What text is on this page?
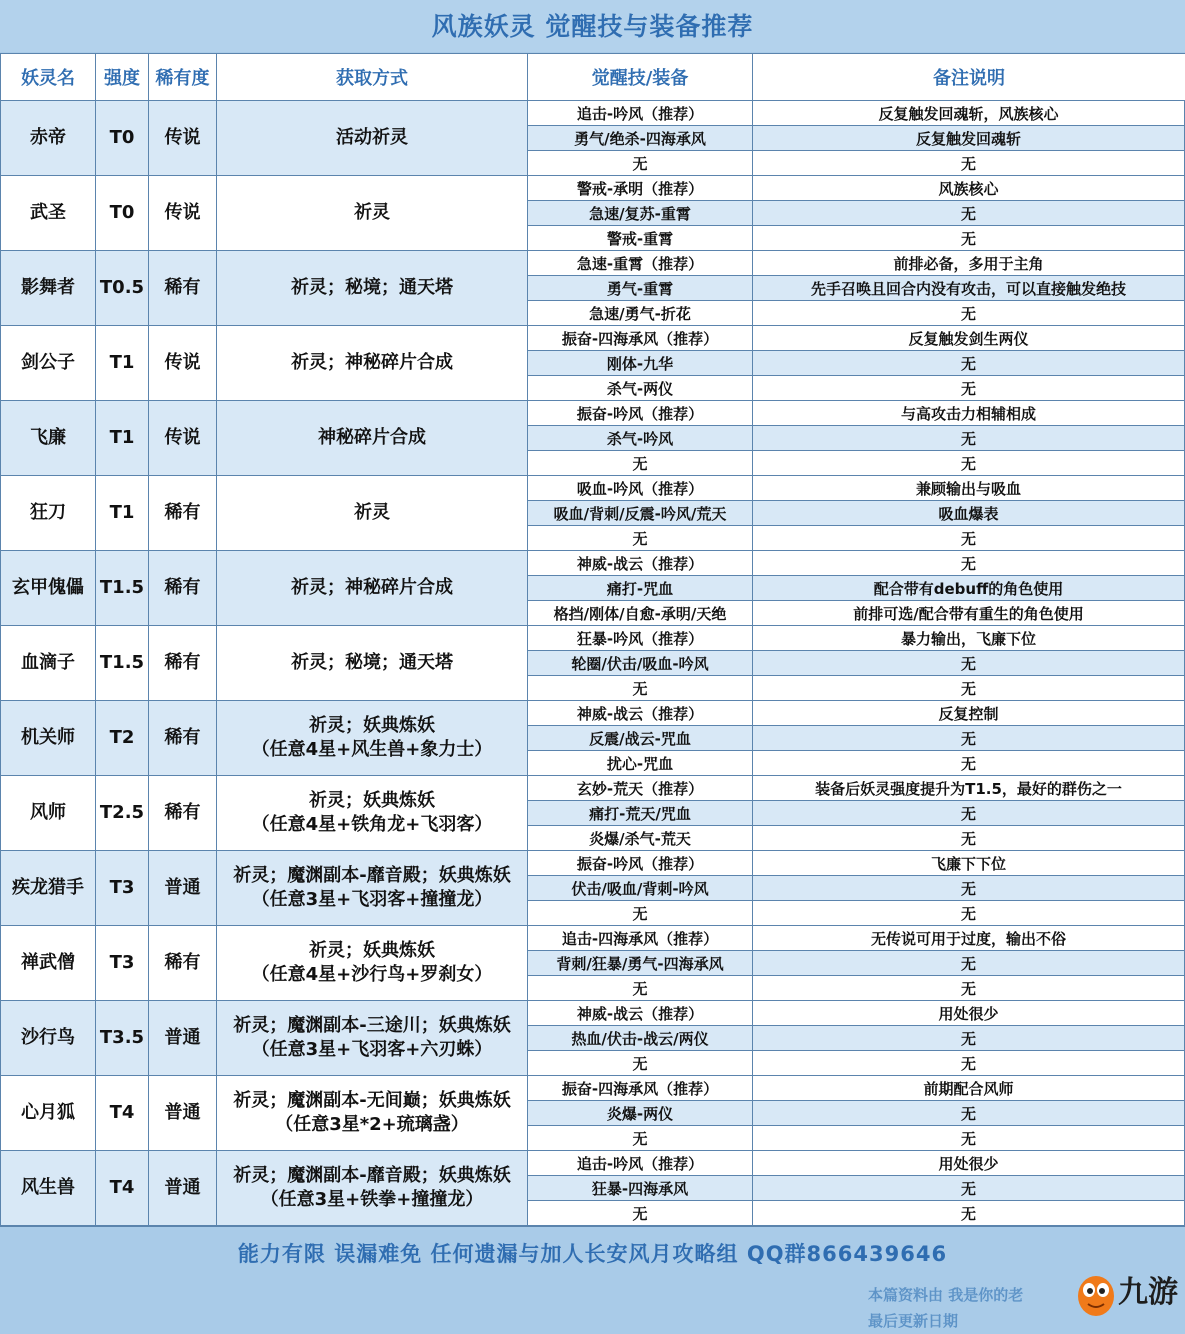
风族妖灵 觉醒技与装备推荐
妖灵名	强度 稀有度	获取方式	觉醒技/装备	备注说明
赤帝	T0	传说	活动祈灵
追击-吟风（推荐）	反复触发回魂斩，风族核心
勇气/绝杀-四海承风	反复触发回魂斩
无	无
武圣	T0	传说	祈灵
警戒-承明（推荐）	风族核心
急速/复苏-重霄	无
警戒-重霄	无
影舞者	T0.5	稀有	祈灵；秘境；通天塔
急速-重霄（推荐）	前排必备，多用于主角
勇气-重霄	先手召唤且回合内没有攻击，可以直接触发绝技
急速/勇气-折花	无
剑公子	T1	传说	祈灵；神秘碎片合成
振奋-四海承风（推荐）	反复触发剑生两仪
刚体-九华	无
杀气-两仪	无
飞廉	T1	传说	神秘碎片合成
振奋-吟风（推荐）	与高攻击力相辅相成
杀气-吟风	无
无	无
狂刀	T1	稀有	祈灵
吸血-吟风（推荐）	兼顾输出与吸血
吸血/背刺/反震-吟风/荒天	吸血爆表
无	无
玄甲傀儡 T1.5	稀有	祈灵；神秘碎片合成
神威-战云（推荐）	无
痛打-咒血	配合带有debuff的角色使用
格挡/刚体/自愈-承明/天绝	前排可选/配合带有重生的角色使用
血滴子	T1.5	稀有	祈灵；秘境；通天塔
狂暴-吟风（推荐）	暴力输出，飞廉下位
轮圈/伏击/吸血-吟风	无
无	无
机关师	T2	稀有
祈灵；妖典炼妖
（任意4星+风生兽+象力士）
神威-战云（推荐）	反复控制
反震/战云-咒血	无
扰心-咒血	无
风师	T2.5	稀有
祈灵；妖典炼妖
（任意4星+铁角龙+飞羽客）
玄妙-荒天（推荐）	装备后妖灵强度提升为T1.5，最好的群伤之一
痛打-荒天/咒血	无
炎爆/杀气-荒天	无
疾龙猎手	T3	普通
祈灵；魔渊副本-靡音殿；妖典炼妖
（任意3星+飞羽客+撞撞龙）
振奋-吟风（推荐）	飞廉下下位
伏击/吸血/背刺-吟风	无
无	无
禅武僧	T3	稀有
祈灵；妖典炼妖
（任意4星+沙行鸟+罗刹女）
追击-四海承风（推荐）	无传说可用于过度，输出不俗
背刺/狂暴/勇气-四海承风	无
无	无
沙行鸟	T3.5	普通
祈灵；魔渊副本-三途川；妖典炼妖
（任意3星+飞羽客+六刃蛛）
神威-战云（推荐）	用处很少
热血/伏击-战云/两仪	无
无	无
心月狐	T4	普通
祈灵；魔渊副本-无间巅；妖典炼妖
（任意3星*2+琉璃盏）
振奋-四海承风（推荐）	前期配合风师
炎爆-两仪	无
无	无
风生兽	T4	普通
祈灵；魔渊副本-靡音殿；妖典炼妖
（任意3星+铁拳+撞撞龙）
追击-吟风（推荐）	用处很少
狂暴-四海承风	无
无	无
能力有限 误漏难免 任何遗漏与加人长安风月攻略组 QQ群866439646
本篇资料由 我是你的老
最后更新日期
九游
